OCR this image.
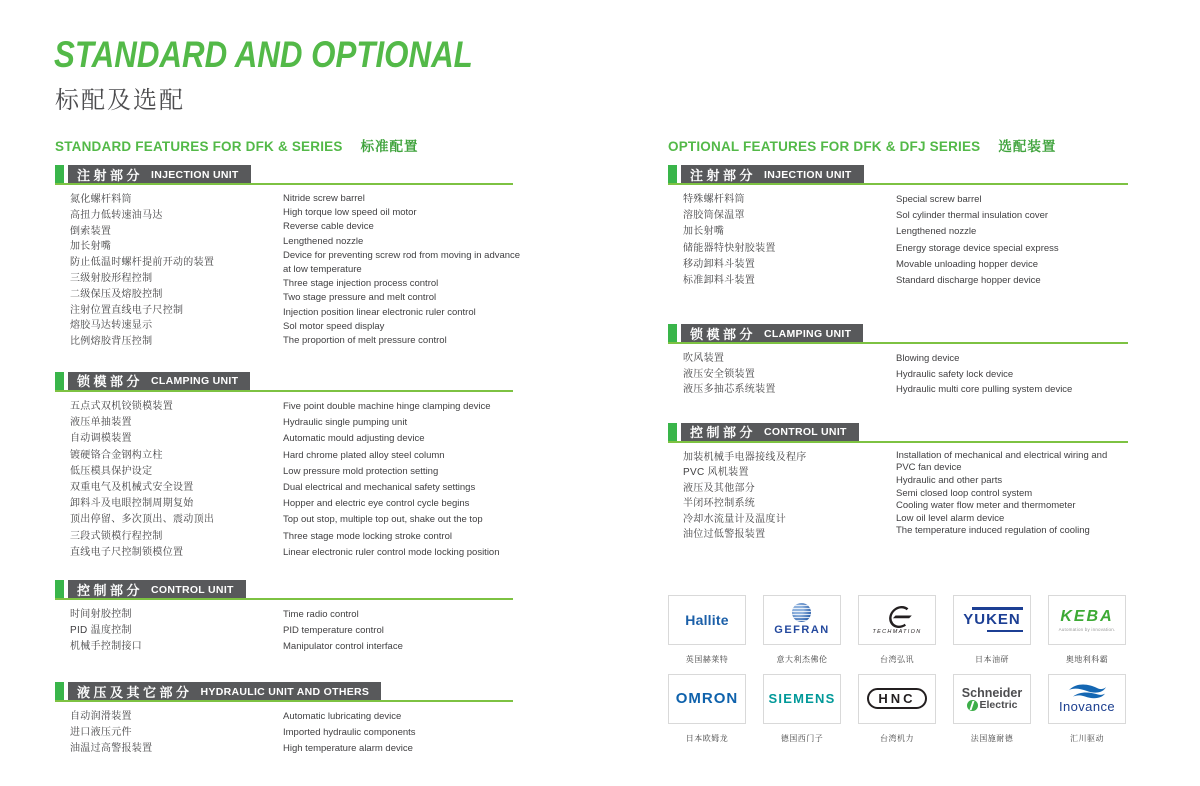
STANDARD AND OPTIONAL
标配及选配
STANDARD FEATURES FOR DFK & SERIES 标准配置
注射部分 INJECTION UNIT
氮化螺杆料筒
高扭力低转速油马达
倒索装置
加长射嘴
防止低温时螺杆提前开动的装置
三级射胶形程控制
二级保压及熔胶控制
注射位置直线电子尺控制
熔胶马达转速显示
比例熔胶背压控制
Nitride screw barrel
High torque low speed oil motor
Reverse cable device
Lengthened nozzle
Device for preventing screw rod from moving in advance
at low temperature
Three stage injection process control
Two stage pressure and melt control
Injection position linear electronic ruler control
Sol motor speed display
The proportion of melt pressure control
锁模部分 CLAMPING UNIT
五点式双机铰锁模装置
液压单抽装置
自动调模装置
镀硬铬合金钢构立柱
低压模具保护设定
双重电气及机械式安全设置
卸料斗及电眼控制周期复始
顶出停留、多次顶出、震动顶出
三段式锁模行程控制
直线电子尺控制锁模位置
Five point double machine hinge clamping device
Hydraulic single pumping unit
Automatic mould adjusting device
Hard chrome plated alloy steel column
Low pressure mold protection setting
Dual electrical and mechanical safety settings
Hopper and electric eye control cycle begins
Top out stop, multiple top out, shake out the top
Three stage mode locking stroke control
Linear electronic ruler control mode locking position
控制部分 CONTROL UNIT
时间射胶控制
PID 温度控制
机械手控制接口
Time radio control
PID temperature control
Manipulator control interface
液压及其它部分 HYDRAULIC UNIT AND OTHERS
自动润滑装置
进口液压元件
油温过高警报装置
Automatic lubricating device
Imported hydraulic components
High temperature alarm device
OPTIONAL FEATURES FOR DFK & DFJ SERIES 选配装置
注射部分 INJECTION UNIT
特殊螺杆料筒
溶胶筒保温罩
加长射嘴
储能器特快射胶装置
移动卸料斗装置
标准卸料斗装置
Special screw barrel
Sol cylinder thermal insulation cover
Lengthened nozzle
Energy storage device special express
Movable unloading hopper device
Standard discharge hopper device
锁模部分 CLAMPING UNIT
吹风装置
液压安全锁装置
液压多抽芯系统装置
Blowing device
Hydraulic safety lock device
Hydraulic multi core pulling system device
控制部分 CONTROL UNIT
加装机械手电器接线及程序
PVC 风机装置
液压及其他部分
半闭环控制系统
冷却水流量计及温度计
油位过低警报装置
Installation of mechanical and electrical wiring and
PVC fan device
Hydraulic and other parts
Semi closed loop control system
Cooling water flow meter and thermometer
Low oil level alarm device
The temperature induced regulation of cooling
Hallite
英国赫莱特
GEFRAN
意大利杰佛伦
TECHMATION
台湾弘讯
YUKEN
日本油研
KEBA
Automation by innovation.
奥地利科霸
OMRON
日本欧姆龙
SIEMENS
德国西门子
HNC
台湾机力
Schneider
Electric
法国施耐德
Inovance
汇川驱动
